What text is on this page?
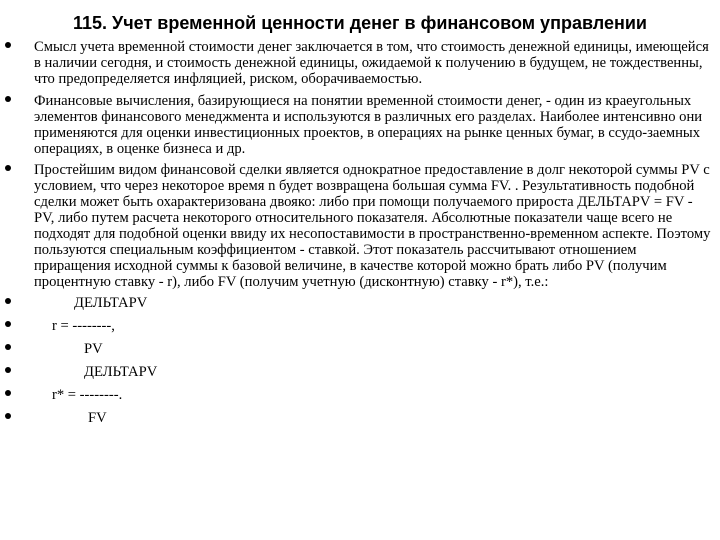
115. Учет временной ценности денег в финансовом управлении
Смысл учета временной стоимости денег заключается в том, что стоимость денежной единицы, имеющейся в наличии сегодня, и стоимость денежной единицы, ожидаемой к получению в будущем, не тождественны, что предопределяется инфляцией, риском, оборачиваемостью.
Финансовые вычисления, базирующиеся на понятии временной стоимости денег, - один из краеугольных элементов финансового менеджмента и используются в различных его разделах. Наиболее интенсивно они применяются для оценки инвестиционных проектов, в операциях на рынке ценных бумаг, в ссудо-заемных операциях, в оценке бизнеса и др.
Простейшим видом финансовой сделки является однократное предоставление в долг некоторой суммы PV с условием, что через некоторое время n будет возвращена большая сумма FV. . Результативность подобной сделки может быть охарактеризована двояко: либо при помощи получаемого прироста ДЕЛЬТАPV = FV - PV, либо путем расчета некоторого относительного показателя. Абсолютные показатели чаще всего не подходят для подобной оценки ввиду их несопоставимости в пространственно-временном аспекте. Поэтому пользуются специальным коэффициентом - ставкой. Этот показатель рассчитывают отношением приращения исходной суммы к базовой величине, в качестве которой можно брать либо PV (получим процентную ставку - r), либо FV (получим учетную (дисконтную) ставку - r*), т.е.:
ДЕЛЬТАPV
r = --------,
PV
ДЕЛЬТАPV
r* = --------.
FV
